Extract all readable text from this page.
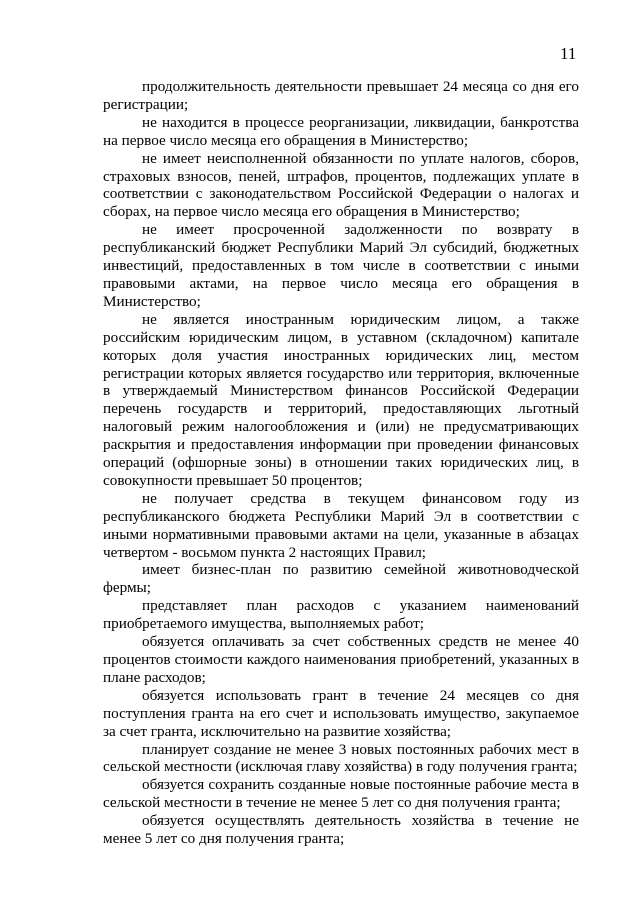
11

продолжительность деятельности превышает 24 месяца со дня его регистрации;

не находится в процессе реорганизации, ликвидации, банкротства на первое число месяца его обращения в Министерство;

не имеет неисполненной обязанности по уплате налогов, сборов, страховых взносов, пеней, штрафов, процентов, подлежащих уплате в соответствии с законодательством Российской Федерации о налогах и сборах, на первое число месяца его обращения в Министерство;

не имеет просроченной задолженности по возврату в республиканский бюджет Республики Марий Эл субсидий, бюджетных инвестиций, предоставленных в том числе в соответствии с иными правовыми актами, на первое число месяца его обращения в Министерство;

не является иностранным юридическим лицом, а также российским юридическим лицом, в уставном (складочном) капитале которых доля участия иностранных юридических лиц, местом регистрации которых является государство или территория, включенные в утверждаемый Министерством финансов Российской Федерации перечень государств и территорий, предоставляющих льготный налоговый режим налогообложения и (или) не предусматривающих раскрытия и предоставления информации при проведении финансовых операций (офшорные зоны) в отношении таких юридических лиц, в совокупности превышает 50 процентов;

не получает средства в текущем финансовом году из республиканского бюджета Республики Марий Эл в соответствии с иными нормативными правовыми актами на цели, указанные в абзацах четвертом - восьмом пункта 2 настоящих Правил;

имеет бизнес-план по развитию семейной животноводческой фермы;

представляет план расходов с указанием наименований приобретаемого имущества, выполняемых работ;

обязуется оплачивать за счет собственных средств не менее 40 процентов стоимости каждого наименования приобретений, указанных в плане расходов;

обязуется использовать грант в течение 24 месяцев со дня поступления гранта на его счет и использовать имущество, закупаемое за счет гранта, исключительно на развитие хозяйства;

планирует создание не менее 3 новых постоянных рабочих мест в сельской местности (исключая главу хозяйства) в году получения гранта;

обязуется сохранить созданные новые постоянные рабочие места в сельской местности в течение не менее 5 лет со дня получения гранта;

обязуется осуществлять деятельность хозяйства в течение не менее 5 лет со дня получения гранта;
